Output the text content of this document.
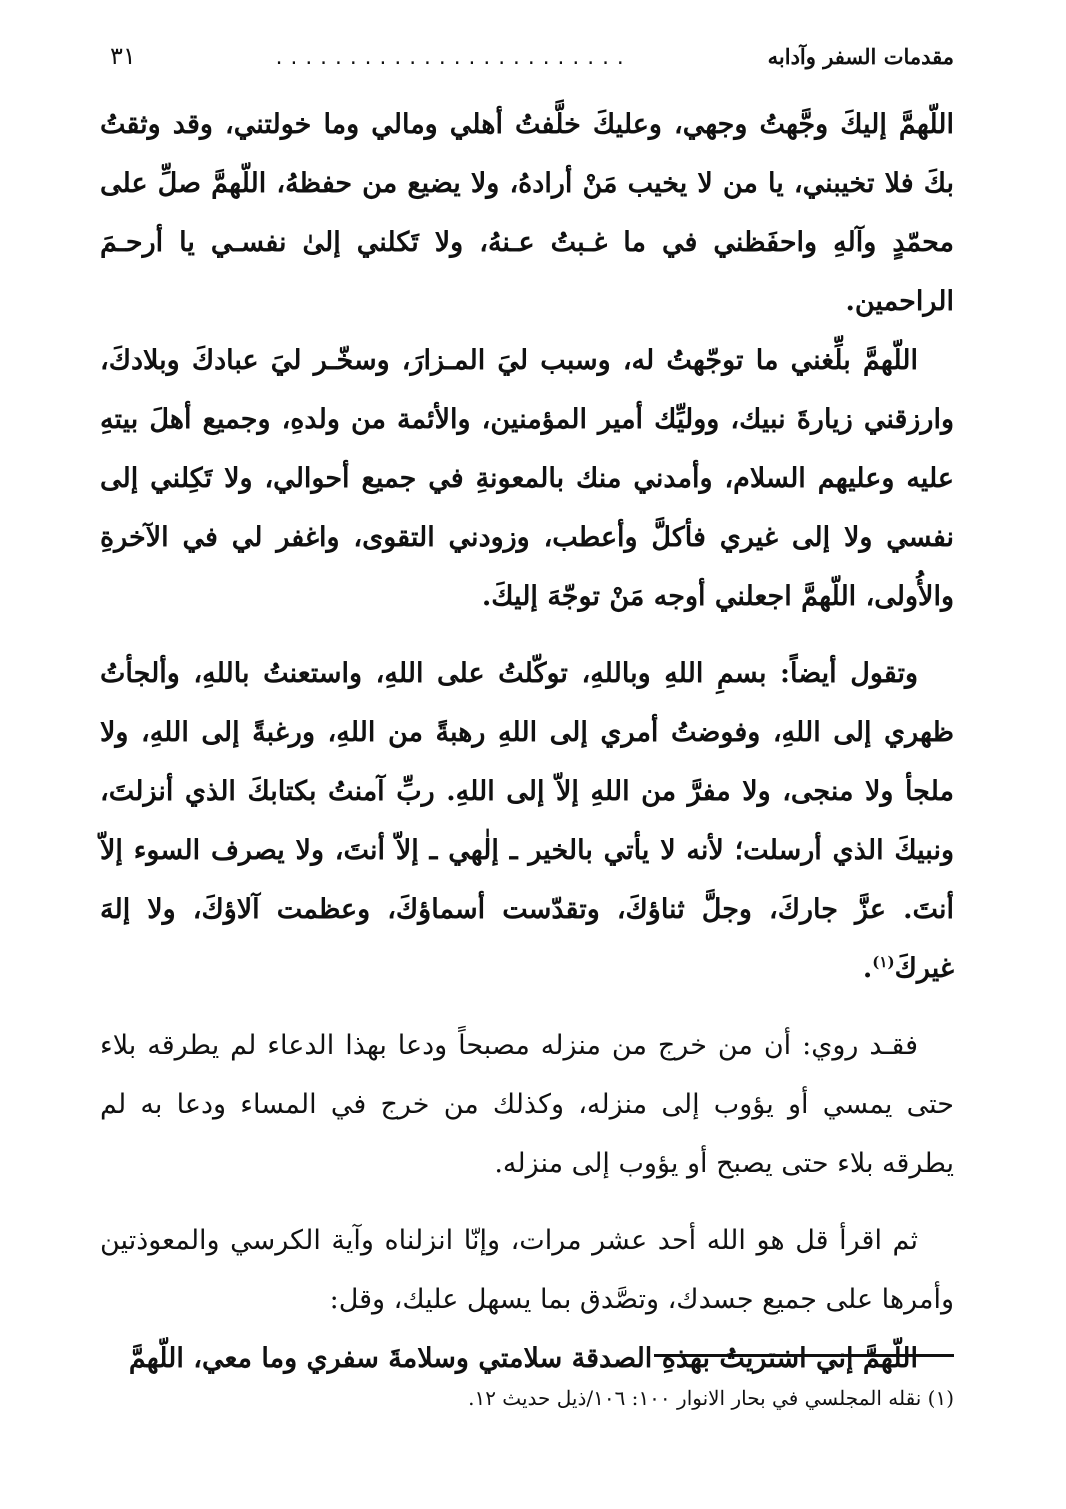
مقدمات السفر وآدابه
........................
٣١

اللّهمَّ إليكَ وجَّهتُ وجهي، وعليكَ خلَّفتُ أهلي ومالي وما خولتني، وقد وثقتُ بكَ فلا تخيبني، يا من لا يخيب مَنْ أرادهُ، ولا يضيع من حفظهُ، اللّهمَّ صلِّ على محمّدٍ وآلهِ واحفَظني في ما غـبتُ عـنهُ، ولا تَكلني إلىٰ نفسـي يا أرحـمَ الراحمين.

اللّهمَّ بلِّغني ما توجّهتُ له، وسبب ليَ المـزارَ، وسخّـر ليَ عبادكَ وبلادكَ، وارزقني زيارةَ نبيك، ووليِّك أمير المؤمنين، والأئمة من ولدهِ، وجميع أهلَ بيتهِ عليه وعليهم السلام، وأمدني منك بالمعونةِ في جميع أحوالي، ولا تَكِلني إلى نفسي ولا إلى غيري فأكلَّ وأعطب، وزودني التقوى، واغفر لي في الآخرةِ والأُولى، اللّهمَّ اجعلني أوجه مَنْ توجّهَ إليكَ.

وتقول أيضاً: بسمِ اللهِ وباللهِ، توكّلتُ على اللهِ، واستعنتُ باللهِ، وألجأتُ ظهري إلى اللهِ، وفوضتُ أمري إلى اللهِ رهبةً من اللهِ، ورغبةً إلى اللهِ، ولا ملجأ ولا منجى، ولا مفرَّ من اللهِ إلاّ إلى اللهِ. ربِّ آمنتُ بكتابكَ الذي أنزلتَ، ونبيكَ الذي أرسلت؛ لأنه لا يأتي بالخير ـ إلٰهي ـ إلاّ أنتَ، ولا يصرف السوء إلاّ أنتَ. عزَّ جاركَ، وجلَّ ثناؤكَ، وتقدّست أسماؤكَ، وعظمت آلاؤكَ، ولا إلهَ غيركَ$^{(١)}$.

فقـد روي: أن من خرج من منزله مصبحاً ودعا بهذا الدعاء لم يطرقه بلاء حتى يمسي أو يؤوب إلى منزله، وكذلك من خرج في المساء ودعا به لم يطرقه بلاء حتى يصبح أو يؤوب إلى منزله.

ثم اقرأ قل هو الله أحد عشر مرات، وإنّا انزلناه وآية الكرسي والمعوذتين وأمرها على جميع جسدك، وتصَّدق بما يسهل عليك، وقل:

اللّهمَّ إني اشتريتُ بهذهِ الصدقة سلامتي وسلامةَ سفري وما معي، اللّهمَّ

(١) نقله المجلسي في بحار الانوار ١٠٠: ١٠٦/ذيل حديث ١٢.
